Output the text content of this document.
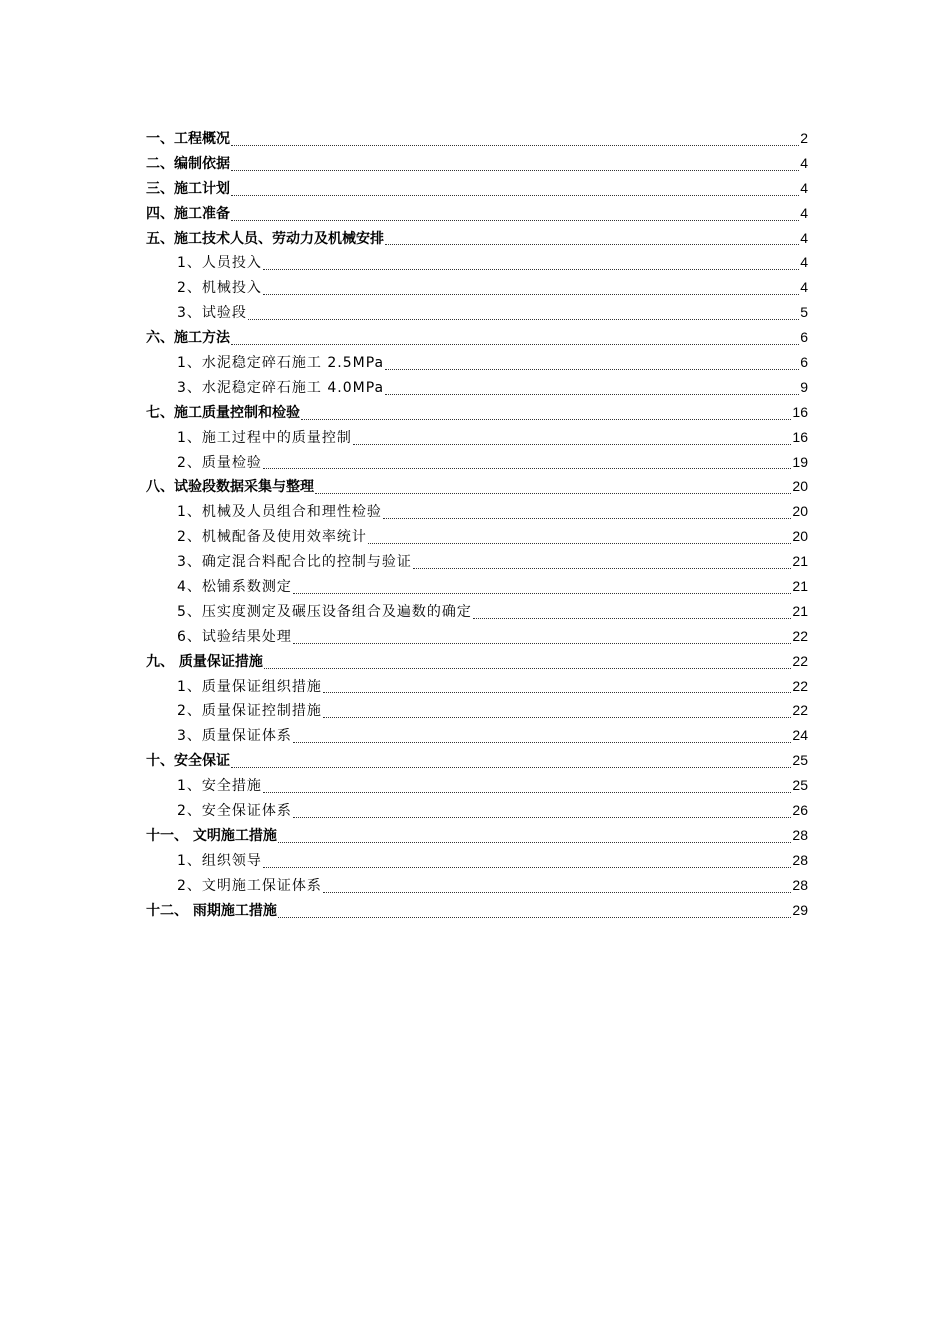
一、工程概况	2
二、编制依据	4
三、施工计划	4
四、施工准备	4
五、施工技术人员、劳动力及机械安排	4
1、人员投入	4
2、机械投入	4
3、试验段	5
六、施工方法	6
1、水泥稳定碎石施工 2.5MPa	6
3、水泥稳定碎石施工 4.0MPa	9
七、施工质量控制和检验	16
1、施工过程中的质量控制	16
2、质量检验	19
八、试验段数据采集与整理	20
1、机械及人员组合和理性检验	20
2、机械配备及使用效率统计	20
3、确定混合料配合比的控制与验证	21
4、松铺系数测定	21
5、压实度测定及碾压设备组合及遍数的确定	21
6、试验结果处理	22
九、 质量保证措施	22
1、质量保证组织措施	22
2、质量保证控制措施	22
3、质量保证体系	24
十、安全保证	25
1、安全措施	25
2、安全保证体系	26
十一、 文明施工措施	28
1、组织领导	28
2、文明施工保证体系	28
十二、 雨期施工措施	29
